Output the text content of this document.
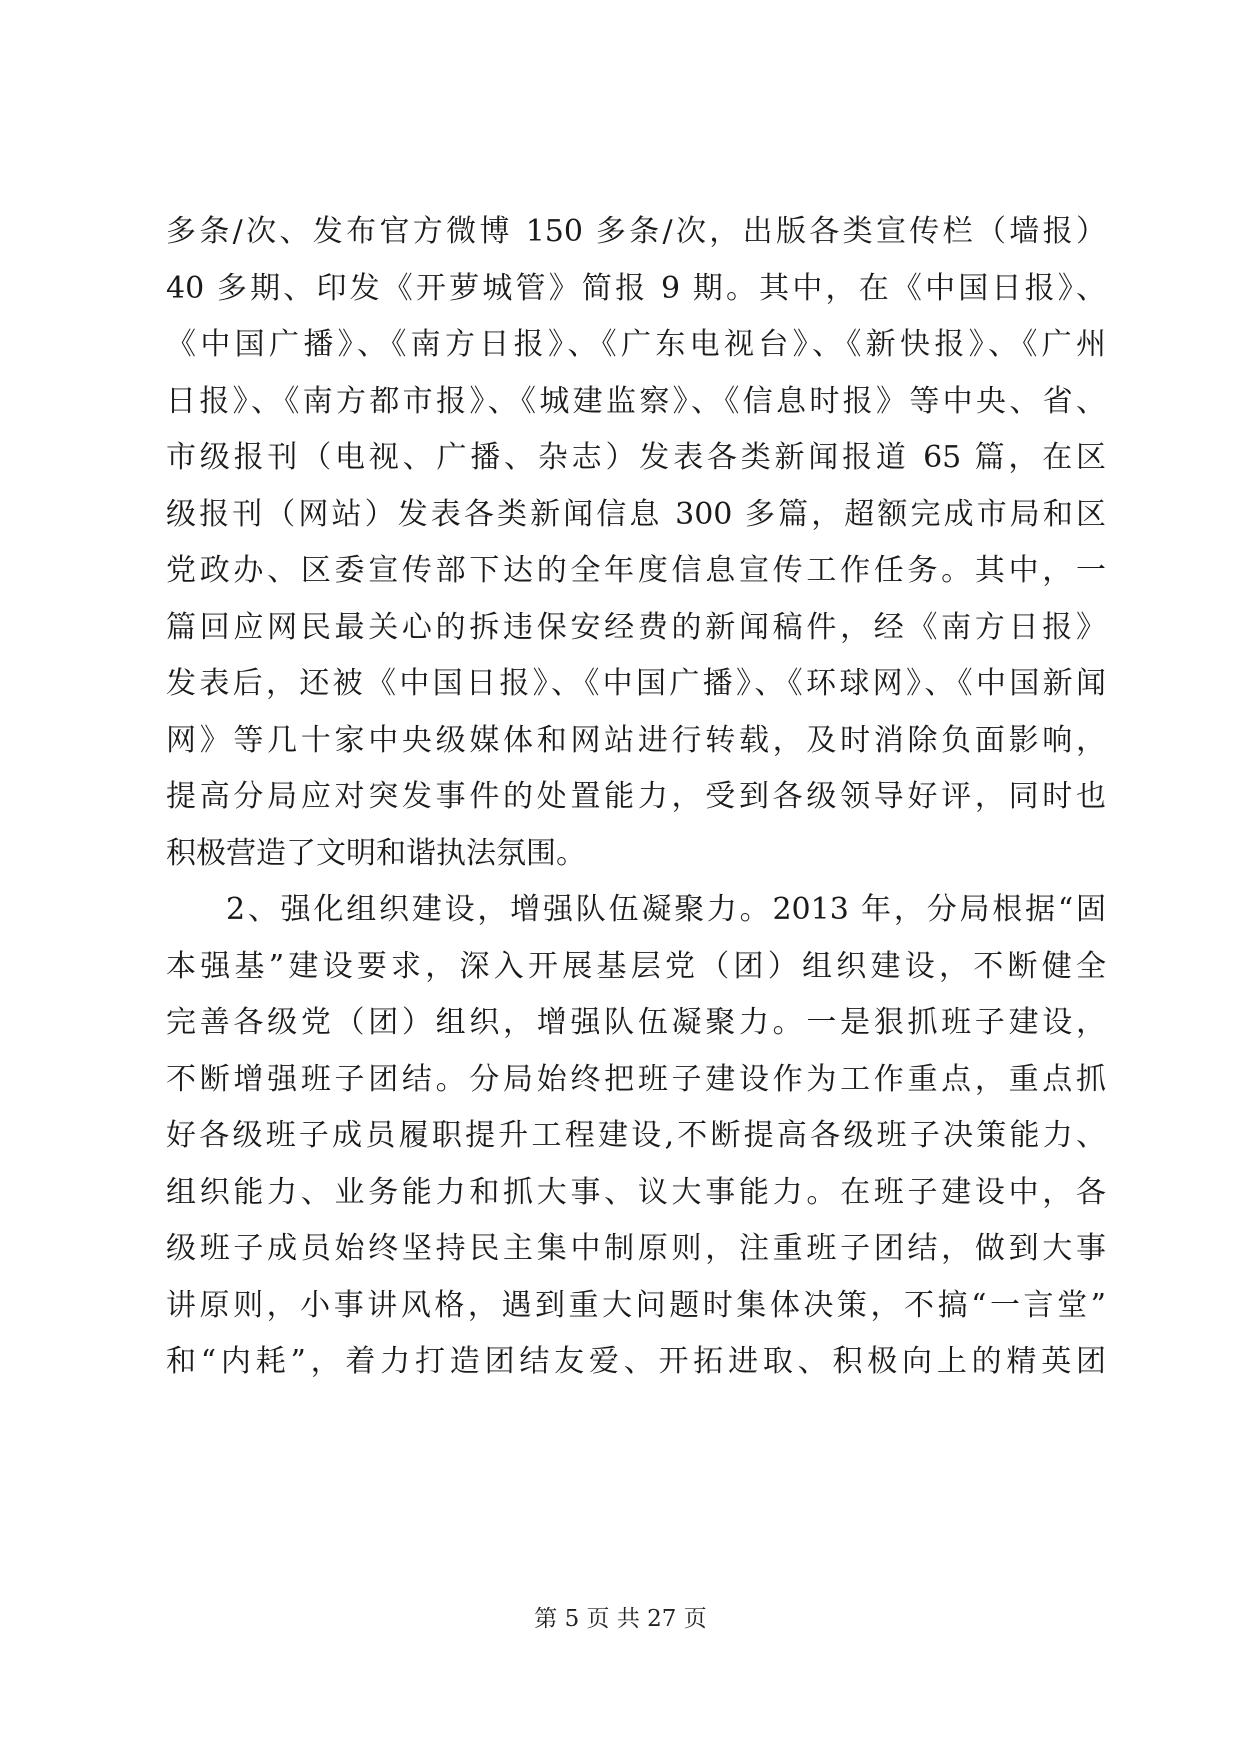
多条/次、发布官方微博 150 多条/次，出版各类宣传栏（墙报）
40 多期、印发《开萝城管》简报 9 期。其中，在《中国日报》、
《中国广播》、《南方日报》、《广东电视台》、《新快报》、《广州
日报》、《南方都市报》、《城建监察》、《信息时报》等中央、省、
市级报刊（电视、广播、杂志）发表各类新闻报道 65 篇，在区
级报刊（网站）发表各类新闻信息 300 多篇，超额完成市局和区
党政办、区委宣传部下达的全年度信息宣传工作任务。其中，一
篇回应网民最关心的拆违保安经费的新闻稿件，经《南方日报》
发表后，还被《中国日报》、《中国广播》、《环球网》、《中国新闻
网》等几十家中央级媒体和网站进行转载，及时消除负面影响，
提高分局应对突发事件的处置能力，受到各级领导好评，同时也
积极营造了文明和谐执法氛围。
2、强化组织建设，增强队伍凝聚力。2013 年，分局根据“固
本强基”建设要求，深入开展基层党（团）组织建设，不断健全
完善各级党（团）组织，增强队伍凝聚力。一是狠抓班子建设，
不断增强班子团结。分局始终把班子建设作为工作重点，重点抓
好各级班子成员履职提升工程建设,不断提高各级班子决策能力、
组织能力、业务能力和抓大事、议大事能力。在班子建设中，各
级班子成员始终坚持民主集中制原则，注重班子团结，做到大事
讲原则，小事讲风格，遇到重大问题时集体决策，不搞“一言堂”
和“内耗”，着力打造团结友爱、开拓进取、积极向上的精英团
第 5 页 共 27 页
